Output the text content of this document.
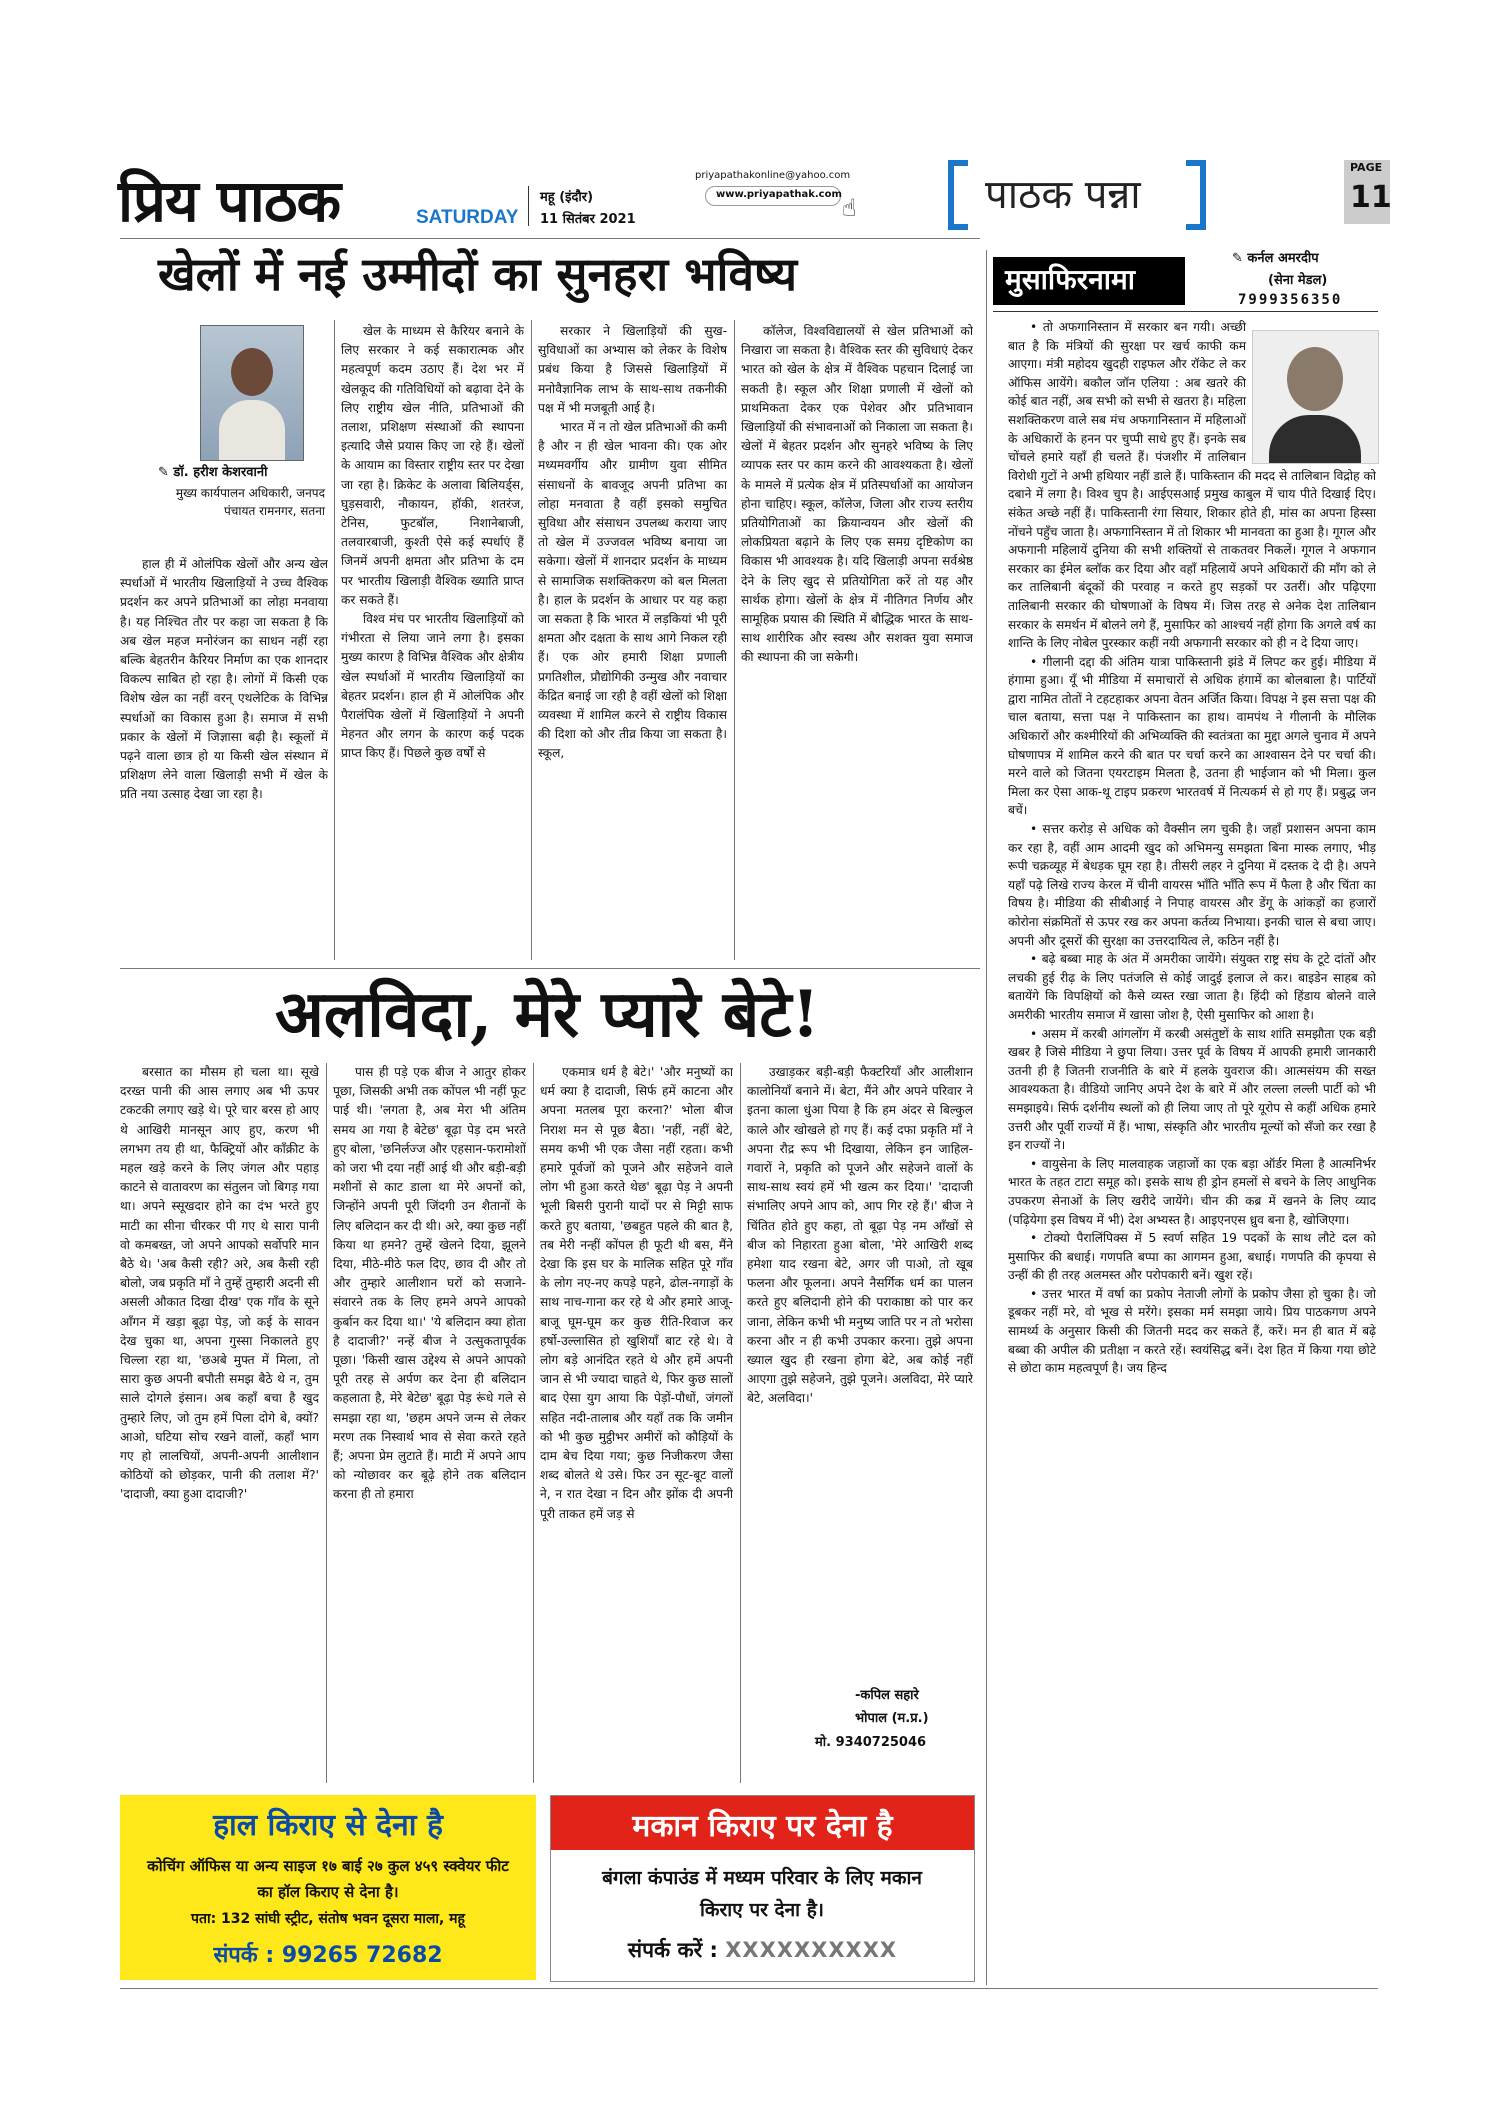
प्रिय पाठक	SATURDAY
महू (इंदौर)
11 सितंबर 2021
priyapathakonline@yahoo.com
www.priyapathak.com ☝	पाठक पन्ना
PAGE
11
खेलों में नई उम्मीदों का सुनहरा भविष्य
✎ डॉ. हरीश केशरवानी
मुख्य कार्यपालन अधिकारी, जनपद पंचायत रामनगर, सतना

हाल ही में ओलंपिक खेलों और अन्य खेल स्पर्धाओं में भारतीय खिलाड़ियों ने उच्च वैश्विक प्रदर्शन कर अपने प्रतिभाओं का लोहा मनवाया है। यह निश्चित तौर पर कहा जा सकता है कि अब खेल महज मनोरंजन का साधन नहीं रहा बल्कि बेहतरीन कैरियर निर्माण का एक शानदार विकल्प साबित हो रहा है। लोगों में किसी एक विशेष खेल का नहीं वरन्‌ एथलेटिक के विभिन्न स्पर्धाओं का विकास हुआ है। समाज में सभी प्रकार के खेलों में जिज्ञासा बढ़ी है। स्कूलों में पढ़ने वाला छात्र हो या किसी खेल संस्थान में प्रशिक्षण लेने वाला खिलाड़ी सभी में खेल के प्रति नया उत्साह देखा जा रहा है।

खेल के माध्यम से कैरियर बनाने के लिए सरकार ने कई सकारात्मक और महत्वपूर्ण कदम उठाए हैं। देश भर में खेलकूद की गतिविधियों को बढ़ावा देने के लिए राष्ट्रीय खेल नीति, प्रतिभाओं की तलाश, प्रशिक्षण संस्थाओं की स्थापना इत्यादि जैसे प्रयास किए जा रहे हैं। खेलों के आयाम का विस्तार राष्ट्रीय स्तर पर देखा जा रहा है। क्रिकेट के अलावा बिलियर्ड्स, घुड़सवारी, नौकायन, हॉकी, शतरंज, टेनिस, फुटबॉल, निशानेबाजी, तलवारबाजी, कुश्ती ऐसे कई स्पर्धाएं हैं जिनमें अपनी क्षमता और प्रतिभा के दम पर भारतीय खिलाड़ी वैश्विक ख्याति प्राप्त कर सकते हैं।

विश्व मंच पर भारतीय खिलाड़ियों को गंभीरता से लिया जाने लगा है। इसका मुख्य कारण है विभिन्न वैश्विक और क्षेत्रीय खेल स्पर्धाओं में भारतीय खिलाड़ियों का बेहतर प्रदर्शन। हाल ही में ओलंपिक और पैरालंपिक खेलों में खिलाड़ियों ने अपनी मेहनत और लगन के कारण कई पदक प्राप्त किए हैं। पिछले कुछ वर्षों से

सरकार ने खिलाड़ियों की सुख-सुविधाओं का अभ्यास को लेकर के विशेष प्रबंध किया है जिससे खिलाड़ियों में मनोवैज्ञानिक लाभ के साथ-साथ तकनीकी पक्ष में भी मजबूती आई है।

भारत में न तो खेल प्रतिभाओं की कमी है और न ही खेल भावना की। एक ओर मध्यमवर्गीय और ग्रामीण युवा सीमित संसाधनों के बावजूद अपनी प्रतिभा का लोहा मनवाता है वहीं इसको समुचित सुविधा और संसाधन उपलब्ध कराया जाए तो खेल में उज्जवल भविष्य बनाया जा सकेगा। खेलों में शानदार प्रदर्शन के माध्यम से सामाजिक सशक्तिकरण को बल मिलता है। हाल के प्रदर्शन के आधार पर यह कहा जा सकता है कि भारत में लड़कियां भी पूरी क्षमता और दक्षता के साथ आगे निकल रही हैं। एक ओर हमारी शिक्षा प्रणाली प्रगतिशील, प्रौद्योगिकी उन्मुख और नवाचार केंद्रित बनाई जा रही है वहीं खेलों को शिक्षा व्यवस्था में शामिल करने से राष्ट्रीय विकास की दिशा को और तीव्र किया जा सकता है। स्कूल,

कॉलेज, विश्वविद्यालयों से खेल प्रतिभाओं को निखारा जा सकता है। वैश्विक स्तर की सुविधाएं देकर भारत को खेल के क्षेत्र में वैश्विक पहचान दिलाई जा सकती है। स्कूल और शिक्षा प्रणाली में खेलों को प्राथमिकता देकर एक पेशेवर और प्रतिभावान खिलाड़ियों की संभावनाओं को निकाला जा सकता है। खेलों में बेहतर प्रदर्शन और सुनहरे भविष्य के लिए व्यापक स्तर पर काम करने की आवश्यकता है। खेलों के मामले में प्रत्येक क्षेत्र में प्रतिस्पर्धाओं का आयोजन होना चाहिए। स्कूल, कॉलेज, जिला और राज्य स्तरीय प्रतियोगिताओं का क्रियान्वयन और खेलों की लोकप्रियता बढ़ाने के लिए एक समग्र दृष्टिकोण का विकास भी आवश्यक है। यदि खिलाड़ी अपना सर्वश्रेष्ठ देने के लिए खुद से प्रतियोगिता करें तो यह और सार्थक होगा। खेलों के क्षेत्र में नीतिगत निर्णय और सामूहिक प्रयास की स्थिति में बौद्धिक भारत के साथ-साथ शारीरिक और स्वस्थ और सशक्त युवा समाज की स्थापना की जा सकेगी।

अलविदा, मेरे प्यारे बेटे!

बरसात का मौसम हो चला था। सूखे दरख्त पानी की आस लगाए अब भी ऊपर टकटकी लगाए खड़े थे। पूरे चार बरस हो आए थे आखिरी मानसून आए हुए, करण भी लगभग तय ही था, फैक्ट्रियों और कॉंक्रीट के महल खड़े करने के लिए जंगल और पहाड़ काटने से वातावरण का संतुलन जो बिगड़ गया था। अपने स्सूखदार होने का दंभ भरते हुए माटी का सीना चीरकर पी गए थे सारा पानी वो कमबख्त, जो अपने आपको सर्वोपरि मान बैठे थे। 'अब कैसी रही? अरे, अब कैसी रही बोलो, जब प्रकृति माँ ने तुम्हें तुम्हारी अदनी सी असली औकात दिखा दीख' एक गाँव के सूने आँगन में खड़ा बूढ़ा पेड़, जो कई के सावन देख चुका था, अपना गुस्सा निकालते हुए चिल्ला रहा था, 'छअबे मुफ्त में मिला, तो सारा कुछ अपनी बपौती समझ बैठे थे न, तुम साले दोगले इंसान। अब कहाँ बचा है खुद तुम्हारे लिए, जो तुम हमें पिला दोगे बे, क्यों? आओ, घटिया सोच रखने वालों, कहाँ भाग गए हो लालचियों, अपनी-अपनी आलीशान कोठियों को छोड़कर, पानी की तलाश में?' 'दादाजी, क्या हुआ दादाजी?'

पास ही पड़े एक बीज ने आतुर होकर पूछा, जिसकी अभी तक कोंपल भी नहीं फूट पाई थी। 'लगता है, अब मेरा भी अंतिम समय आ गया है बेटेछ' बूढ़ा पेड़ दम भरते हुए बोला, 'छनिर्लज्ज और एहसान-फरामोशों को जरा भी दया नहीं आई थी और बड़ी-बड़ी मशीनों से काट डाला था मेरे अपनों को, जिन्होंने अपनी पूरी जिंदगी उन शैतानों के लिए बलिदान कर दी थी। अरे, क्या कुछ नहीं किया था हमने? तुम्हें खेलने दिया, झूलने दिया, मीठे-मीठे फल दिए, छाव दी और तो और तुम्हारे आलीशान घरों को सजाने-संवारने तक के लिए हमने अपने आपको कुर्बान कर दिया था।' 'ये बलिदान क्या होता है दादाजी?' नन्हें बीज ने उत्सुकतापूर्वक पूछा। 'किसी खास उद्देश्य से अपने आपको पूरी तरह से अर्पण कर देना ही बलिदान कहलाता है, मेरे बेटेछ' बूढ़ा पेड़ रूंधे गले से समझा रहा था, 'छहम अपने जन्म से लेकर मरण तक निस्वार्थ भाव से सेवा करते रहते हैं; अपना प्रेम लुटाते हैं। माटी में अपने आप को न्योछावर कर बूढ़े होने तक बलिदान करना ही तो हमारा

एकमात्र धर्म है बेटे।' 'और मनुष्यों का धर्म क्या है दादाजी, सिर्फ हमें काटना और अपना मतलब पूरा करना?' भोला बीज निराश मन से पूछ बैठा। 'नहीं, नहीं बेटे, समय कभी भी एक जैसा नहीं रहता। कभी हमारे पूर्वजों को पूजने और सहेजने वाले लोग भी हुआ करते थेछ' बूढ़ा पेड़ ने अपनी भूली बिसरी पुरानी यादों पर से मिट्टी साफ करते हुए बताया, 'छबहुत पहले की बात है, तब मेरी नन्हीं कोंपल ही फूटी थी बस, मैंने देखा कि इस घर के मालिक सहित पूरे गाँव के लोग नए-नए कपड़े पहने, ढोल-नगाड़ों के साथ नाच-गाना कर रहे थे और हमारे आजू-बाजू घूम-घूम कर कुछ रीति-रिवाज कर हर्षो-उल्लासित हो खुशियाँ बाट रहे थे। वे लोग बड़े आनंदित रहते थे और हमें अपनी जान से भी ज्यादा चाहते थे, फिर कुछ सालों बाद ऐसा युग आया कि पेड़ों-पौधों, जंगलों सहित नदी-तालाब और यहाँ तक कि जमीन को भी कुछ मुट्ठीभर अमीरों को कौड़ियों के दाम बेच दिया गया; कुछ निजीकरण जैसा शब्द बोलते थे उसे। फिर उन सूट-बूट वालों ने, न रात देखा न दिन और झोंक दी अपनी पूरी ताकत हमें जड़ से

उखाड़कर बड़ी-बड़ी फैक्टरियाँ और आलीशान कालोनियाँ बनाने में। बेटा, मैंने और अपने परिवार ने इतना काला धुंआ पिया है कि हम अंदर से बिल्कुल काले और खोखले हो गए हैं। कई दफा प्रकृति माँ ने अपना रौद्र रूप भी दिखाया, लेकिन इन जाहिल-गवारों ने, प्रकृति को पूजने और सहेजने वालों के साथ-साथ स्वयं हमें भी खत्म कर दिया।' 'दादाजी संभालिए अपने आप को, आप गिर रहे हैं।' बीज ने चिंतित होते हुए कहा, तो बूढ़ा पेड़ नम आँखों से बीज को निहारता हुआ बोला, 'मेरे आखिरी शब्द हमेशा याद रखना बेटे, अगर जी पाओ, तो खूब फलना और फूलना। अपने नैसर्गिक धर्म का पालन करते हुए बलिदानी होने की पराकाष्ठा को पार कर जाना, लेकिन कभी भी मनुष्य जाति पर न तो भरोसा करना और न ही कभी उपकार करना। तुझे अपना ख्याल खुद ही रखना होगा बेटे, अब कोई नहीं आएगा तुझे सहेजने, तुझे पूजने। अलविदा, मेरे प्यारे बेटे, अलविदा।'

-कपिल सहारे
भोपाल (म.प्र.)
मो. 9340725046
हाल किराए से देना है
कोचिंग ऑफिस या अन्य साइज १७ बाई २७ कुल ४५९ स्क्वेयर फीट का हॉल किराए से देना है।
पता: 132 सांघी स्ट्रीट, संतोष भवन दूसरा माला, महू
संपर्क : 99265 72682
मकान किराए पर देना है
बंगला कंपाउंड में मध्यम परिवार के लिए मकान किराए पर देना है।
संपर्क करें : XXXXXXXXXX
मुसाफिरनामा
✎ कर्नल अमरदीप
(सेना मेडल)
7999356350

• तो अफगानिस्तान में सरकार बन गयी। अच्छी बात है कि मंत्रियों की सुरक्षा पर खर्च काफी कम आएगा। मंत्री महोदय खुदही राइफल और रॉकेट ले कर ऑफिस आयेंगे। बकौल जॉन एलिया : अब खतरे की कोई बात नहीं, अब सभी को सभी से खतरा है। महिला सशक्तिकरण वाले सब मंच अफगानिस्तान में महिलाओं के अधिकारों के हनन पर चुप्पी साधे हुए हैं। इनके सब चोंचले हमारे यहाँ ही चलते हैं। पंजशीर में तालिबान विरोधी गुटों ने अभी हथियार नहीं डाले हैं। पाकिस्तान की मदद से तालिबान विद्रोह को दबाने में लगा है। विश्व चुप है। आईएसआई प्रमुख काबुल में चाय पीते दिखाई दिए। संकेत अच्छे नहीं हैं। पाकिस्तानी रंगा सियार, शिकार होते ही, मांस का अपना हिस्सा नोंचने पहुँच जाता है। अफगानिस्तान में तो शिकार भी मानवता का हुआ है। गूगल और अफगानी महिलायें दुनिया की सभी शक्तियों से ताकतवर निकलें। गूगल ने अफगान सरकार का ईमेल ब्लॉक कर दिया और वहाँ महिलायें अपने अधिकारों की माँग को ले कर तालिबानी बंदूकों की परवाह न करते हुए सड़कों पर उतरीं। और पढ़िएगा तालिबानी सरकार की घोषणाओं के विषय में। जिस तरह से अनेक देश तालिबान सरकार के समर्थन में बोलने लगे हैं, मुसाफिर को आश्चर्य नहीं होगा कि अगले वर्ष का शान्ति के लिए नोबेल पुरस्कार कहीं नयी अफगानी सरकार को ही न दे दिया जाए।

• गीलानी दद्दा की अंतिम यात्रा पाकिस्तानी झंडे में लिपट कर हुई। मीडिया में हंगामा हुआ। यूँ भी मीडिया में समाचारों से अधिक हंगामें का बोलबाला है। पार्टियों द्वारा नामित तोतों ने टहटहाकर अपना वेतन अर्जित किया। विपक्ष ने इस सत्ता पक्ष की चाल बताया, सत्ता पक्ष ने पाकिस्तान का हाथ। वामपंथ ने गीलानी के मौलिक अधिकारों और कश्मीरियों की अभिव्यक्ति की स्वतंत्रता का मुद्दा अगले चुनाव में अपने घोषणापत्र में शामिल करने की बात पर चर्चा करने का आश्वासन देने पर चर्चा की। मरने वाले को जितना एयरटाइम मिलता है, उतना ही भाईजान को भी मिला। कुल मिला कर ऐसा आक-थू टाइप प्रकरण भारतवर्ष में नित्यकर्म से हो गए हैं। प्रबुद्ध जन बचें।

• सत्तर करोड़ से अधिक को वैक्सीन लग चुकी है। जहाँ प्रशासन अपना काम कर रहा है, वहीं आम आदमी खुद को अभिमन्यु समझता बिना मास्क लगाए, भीड़ रूपी चक्रव्यूह में बेधड़क घूम रहा है। तीसरी लहर ने दुनिया में दस्तक दे दी है। अपने यहाँ पढ़े लिखे राज्य केरल में चीनी वायरस भाँति भाँति रूप में फैला है और चिंता का विषय है। मीडिया की सीबीआई ने निपाह वायरस और डेंगू के आंकड़ों का हजारों कोरोना संक्रमितों से ऊपर रख कर अपना कर्तव्य निभाया। इनकी चाल से बचा जाए। अपनी और दूसरों की सुरक्षा का उत्तरदायित्व ले, कठिन नहीं है।

• बढ़े बब्बा माह के अंत में अमरीका जायेंगे। संयुक्त राष्ट्र संघ के टूटे दांतों और लचकी हुई रीढ़ के लिए पतंजलि से कोई जादुई इलाज ले कर। बाइडेन साहब को बतायेंगे कि विपक्षियों को कैसे व्यस्त रखा जाता है। हिंदी को हिंडाय बोलने वाले अमरीकी भारतीय समाज में खासा जोश है, ऐसी मुसाफिर को आशा है।

• असम में करबी आंगलोंग में करबी असंतुष्टों के साथ शांति समझौता एक बड़ी खबर है जिसे मीडिया ने छुपा लिया। उत्तर पूर्व के विषय में आपकी हमारी जानकारी उतनी ही है जितनी राजनीति के बारे में हलके युवराज की। आत्मसंयम की सख्त आवश्यकता है। वीडियो जानिए अपने देश के बारे में और लल्ला लल्ली पार्टी को भी समझाइये। सिर्फ दर्शनीय स्थलों को ही लिया जाए तो पूरे यूरोप से कहीं अधिक हमारे उत्तरी और पूर्वी राज्यों में हैं। भाषा, संस्कृति और भारतीय मूल्यों को सँजो कर रखा है इन राज्यों ने।

• वायुसेना के लिए मालवाहक जहाजों का एक बड़ा ऑर्डर मिला है आत्मनिर्भर भारत के तहत टाटा समूह को। इसके साथ ही ड्रोन हमलों से बचने के लिए आधुनिक उपकरण सेनाओं के लिए खरीदे जायेंगे। चीन की कब्र में खनने के लिए व्याद (पढ़ियेगा इस विषय में भी) देश अभ्यस्त है। आइएनएस ध्रुव बना है, खोजिएगा।

• टोक्यो पैरालिंपिक्स में 5 स्वर्ण सहित 19 पदकों के साथ लौटे दल को मुसाफिर की बधाई। गणपति बप्पा का आगमन हुआ, बधाई। गणपति की कृपया से उन्हीं की ही तरह अलमस्त और परोपकारी बनें। खुश रहें।

• उत्तर भारत में वर्षा का प्रकोप नेताजी लोगों के प्रकोप जैसा हो चुका है। जो डूबकर नहीं मरे, वो भूख से मरेंगे। इसका मर्म समझा जाये। प्रिय पाठकगण अपने सामर्थ्य के अनुसार किसी की जितनी मदद कर सकते हैं, करें। मन ही बात में बढ़े बब्बा की अपील की प्रतीक्षा न करते रहें। स्वयंसिद्ध बनें। देश हित में किया गया छोटे से छोटा काम महत्वपूर्ण है। जय हिन्द
